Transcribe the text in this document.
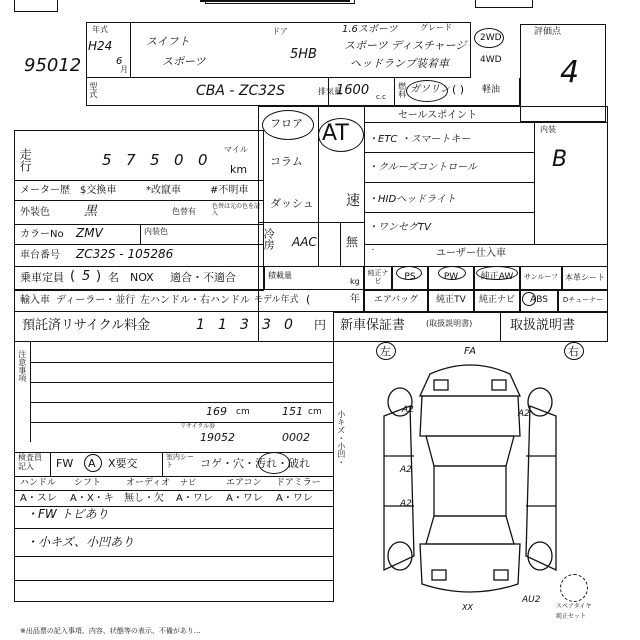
95012
年式
H24
6
月
スイフト
スポーツ
ドア
5HB
グレード
1.6スポーツ
スポーツ ディスチャージ
ヘッドランプ装着車
2WD
4WD
評価点
4
型式	CBA - ZC32S	排気量
1600 c.c 燃料 ガソリン ( ) 軽油
走行	5 7 5 0 0
マイル
km
メーター歴 $交換車	*改竄車	#不明車
外装色	黒	色替有
色替は元の色を記入
カラーNo ZMV	内装色
車台番号 ZC32S - 105286
乗車定員 ( 5 ) 名 NOX 適合・不適合	積載量
kg
輸入車 ディーラー・並行 左ハンドル・右ハンドル モデル年式 (	年
預託済リサイクル料金	1 1 3 3 0 円
フロア AT
コラム
ダッシュ 速
冷房 AAC 無
セールスポイント
・ETC ・スマートキー
・クルーズコントロール
・HIDヘッドライト
・ワンセグTV
・	ユーザー仕入車
内装
B
純正ナビ	PS	PW	純正AW	サンルーフ 本革シート
エアバッグ	純正TV	純正ナビ	ABS	Dチューナー
新車保証書	(取扱説明書)	取扱説明書
注意事項
169 cm	151 cm
リサイクル券
19052	0002
検査員記入	FW A X要交	室内シート	コゲ・穴・汚れ・破れ
ハンドル シフト	オーディオ ナビ	エアコン ドアミラー
A・スレ A・X・キ 無し・欠 A・ワレ A・ワレ A・ワレ
・FW トビあり
・小キズ、小凹あり
小キズ・小凹・
左	右
FA
A2
A2
A2
A2
AU2
XX	スペアタイヤ
純正セット
※出品票の記入事項、内容、状態等の表示、不備があり...
